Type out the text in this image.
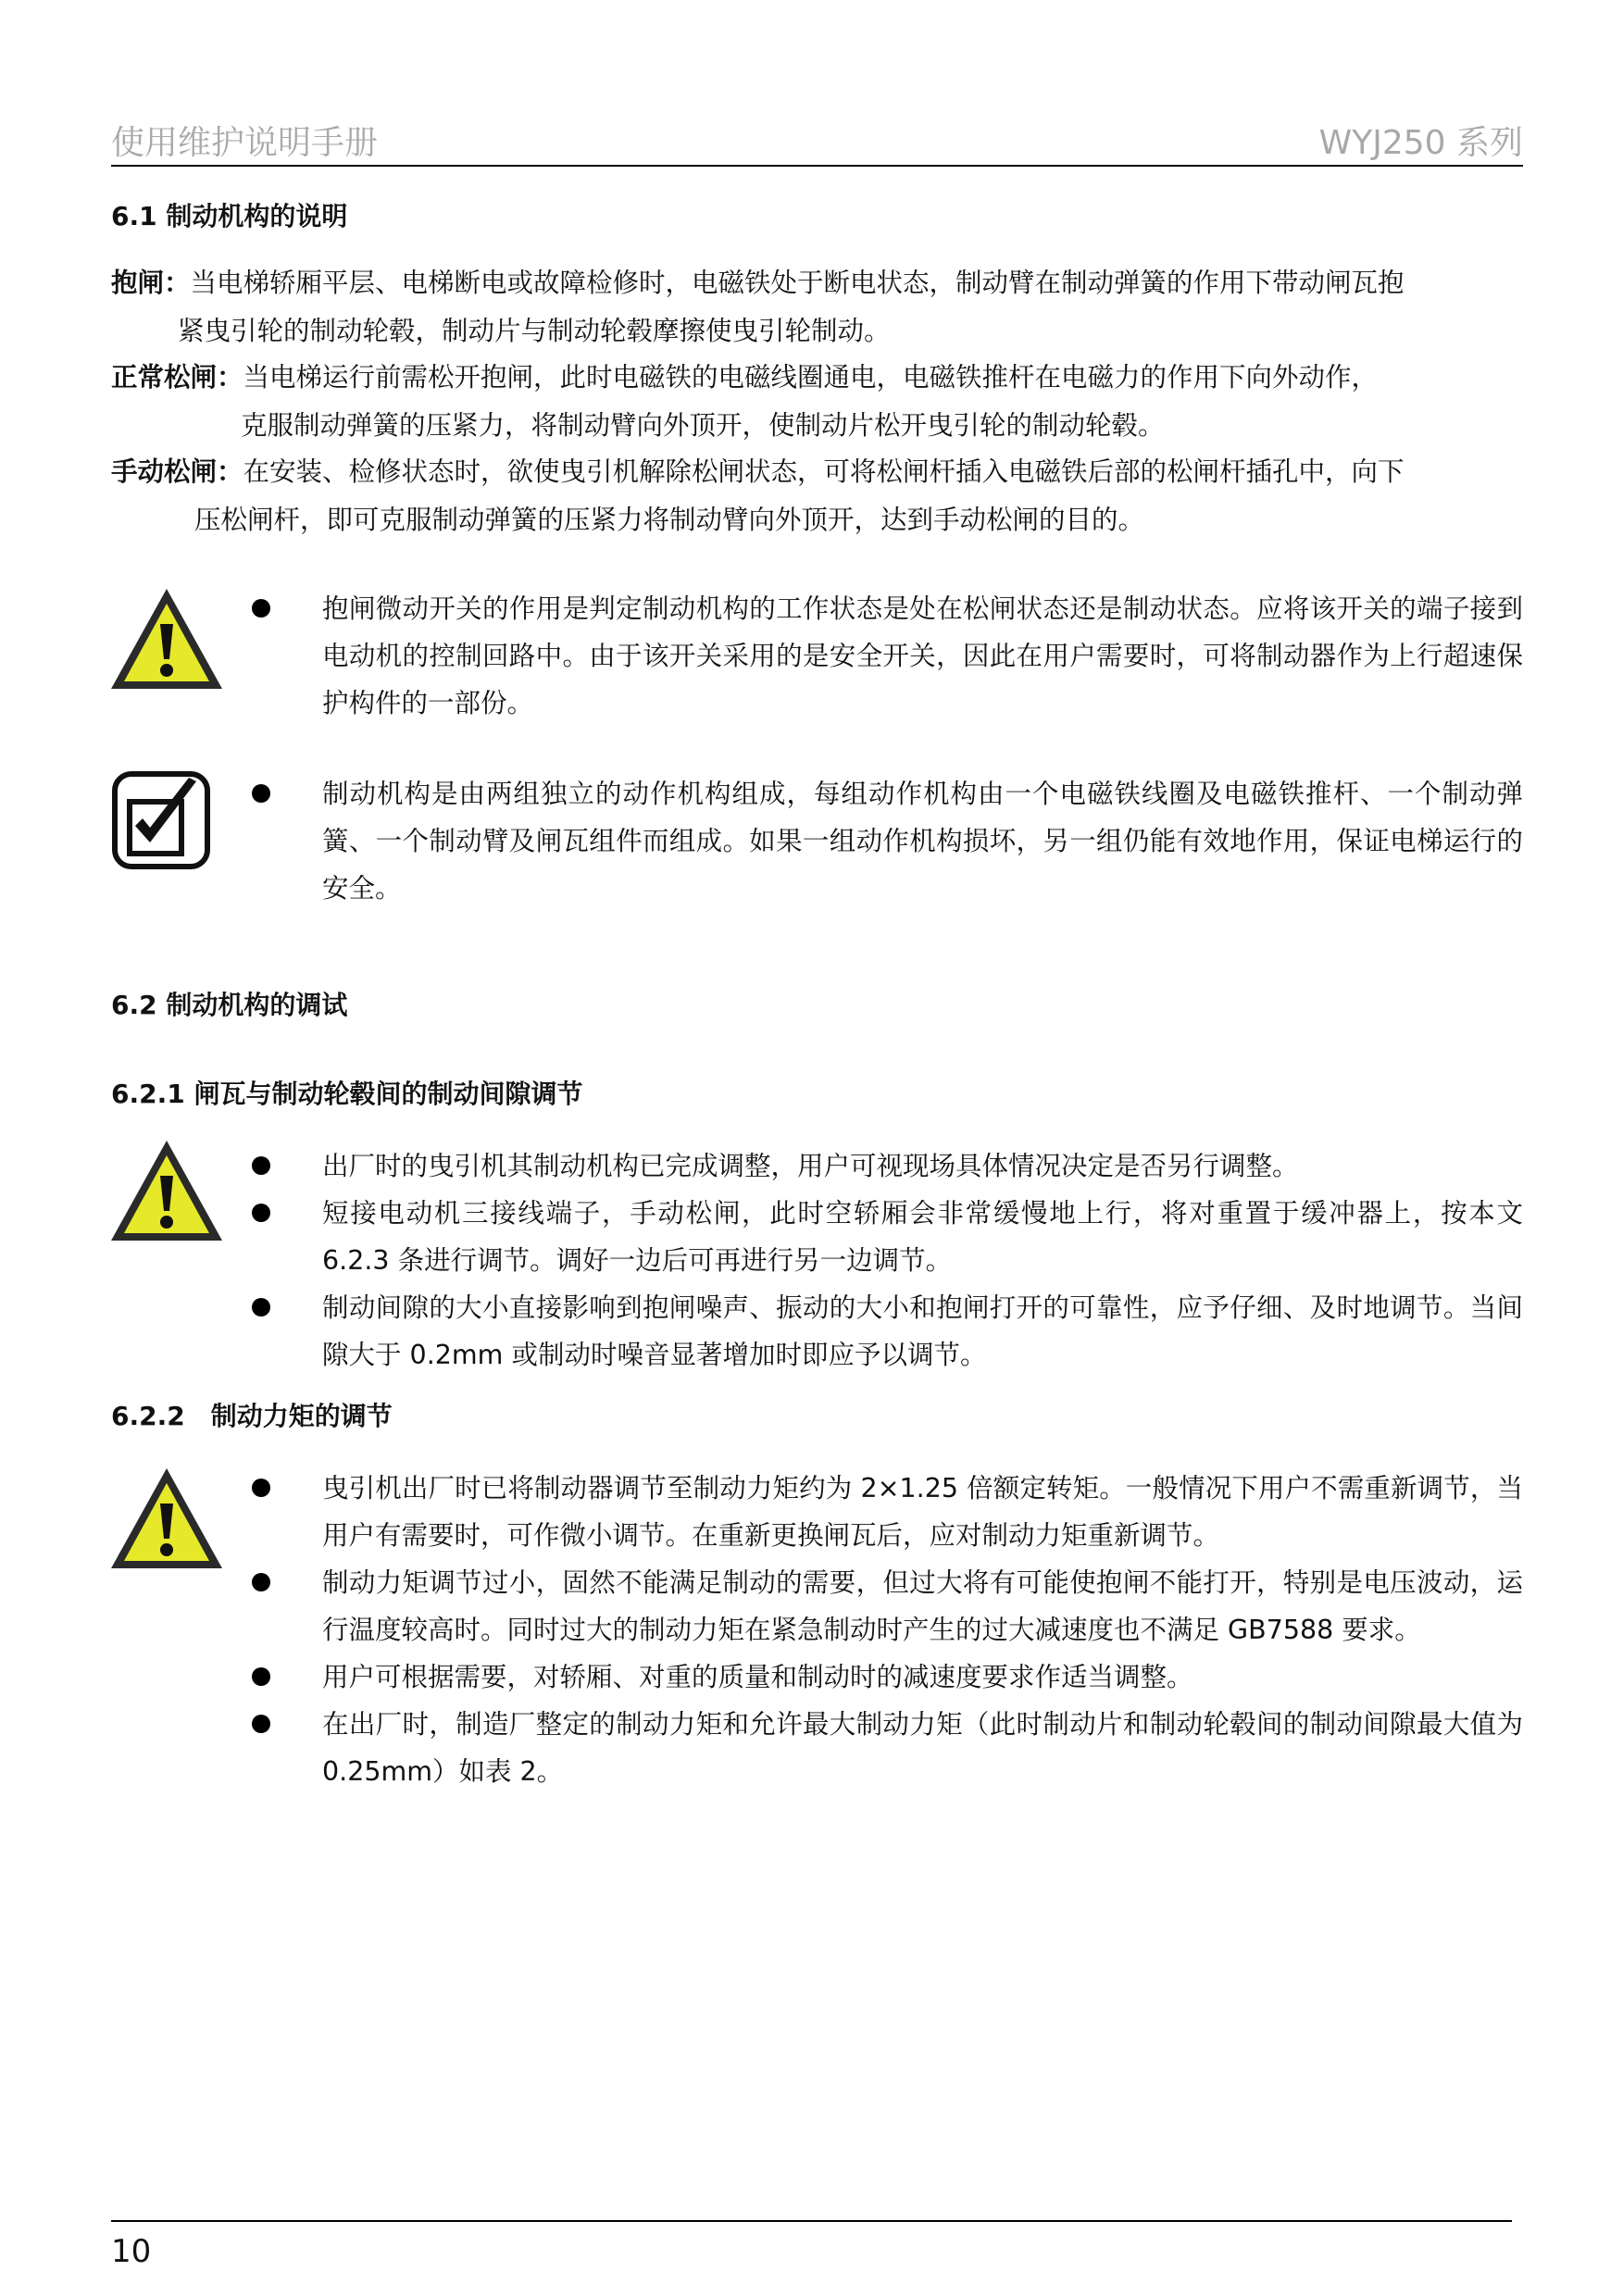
使用维护说明手册	WYJ250 系列
6.1 制动机构的说明
抱闸：当电梯轿厢平层、电梯断电或故障检修时，电磁铁处于断电状态，制动臂在制动弹簧的作用下带动闸瓦抱
紧曳引轮的制动轮毂，制动片与制动轮毂摩擦使曳引轮制动。
正常松闸：当电梯运行前需松开抱闸，此时电磁铁的电磁线圈通电，电磁铁推杆在电磁力的作用下向外动作，
克服制动弹簧的压紧力，将制动臂向外顶开，使制动片松开曳引轮的制动轮毂。
手动松闸：在安装、检修状态时，欲使曳引机解除松闸状态，可将松闸杆插入电磁铁后部的松闸杆插孔中，向下
压松闸杆，即可克服制动弹簧的压紧力将制动臂向外顶开，达到手动松闸的目的。
抱闸微动开关的作用是判定制动机构的工作状态是处在松闸状态还是制动状态。应将该开关的端子接到电动机的控制回路中。由于该开关采用的是安全开关，因此在用户需要时，可将制动器作为上行超速保护构件的一部份。
制动机构是由两组独立的动作机构组成，每组动作机构由一个电磁铁线圈及电磁铁推杆、一个制动弹簧、一个制动臂及闸瓦组件而组成。如果一组动作机构损坏，另一组仍能有效地作用，保证电梯运行的安全。
6.2 制动机构的调试
6.2.1 闸瓦与制动轮毂间的制动间隙调节
出厂时的曳引机其制动机构已完成调整，用户可视现场具体情况决定是否另行调整。
短接电动机三接线端子，手动松闸，此时空轿厢会非常缓慢地上行，将对重置于缓冲器上，按本文 6.2.3 条进行调节。调好一边后可再进行另一边调节。
制动间隙的大小直接影响到抱闸噪声、振动的大小和抱闸打开的可靠性，应予仔细、及时地调节。当间隙大于 0.2mm 或制动时噪音显著增加时即应予以调节。
6.2.2　制动力矩的调节
曳引机出厂时已将制动器调节至制动力矩约为 2×1.25 倍额定转矩。一般情况下用户不需重新调节，当用户有需要时，可作微小调节。在重新更换闸瓦后，应对制动力矩重新调节。
制动力矩调节过小，固然不能满足制动的需要，但过大将有可能使抱闸不能打开，特别是电压波动，运行温度较高时。同时过大的制动力矩在紧急制动时产生的过大减速度也不满足 GB7588 要求。
用户可根据需要，对轿厢、对重的质量和制动时的减速度要求作适当调整。
在出厂时，制造厂整定的制动力矩和允许最大制动力矩（此时制动片和制动轮毂间的制动间隙最大值为 0.25mm）如表 2。
10
